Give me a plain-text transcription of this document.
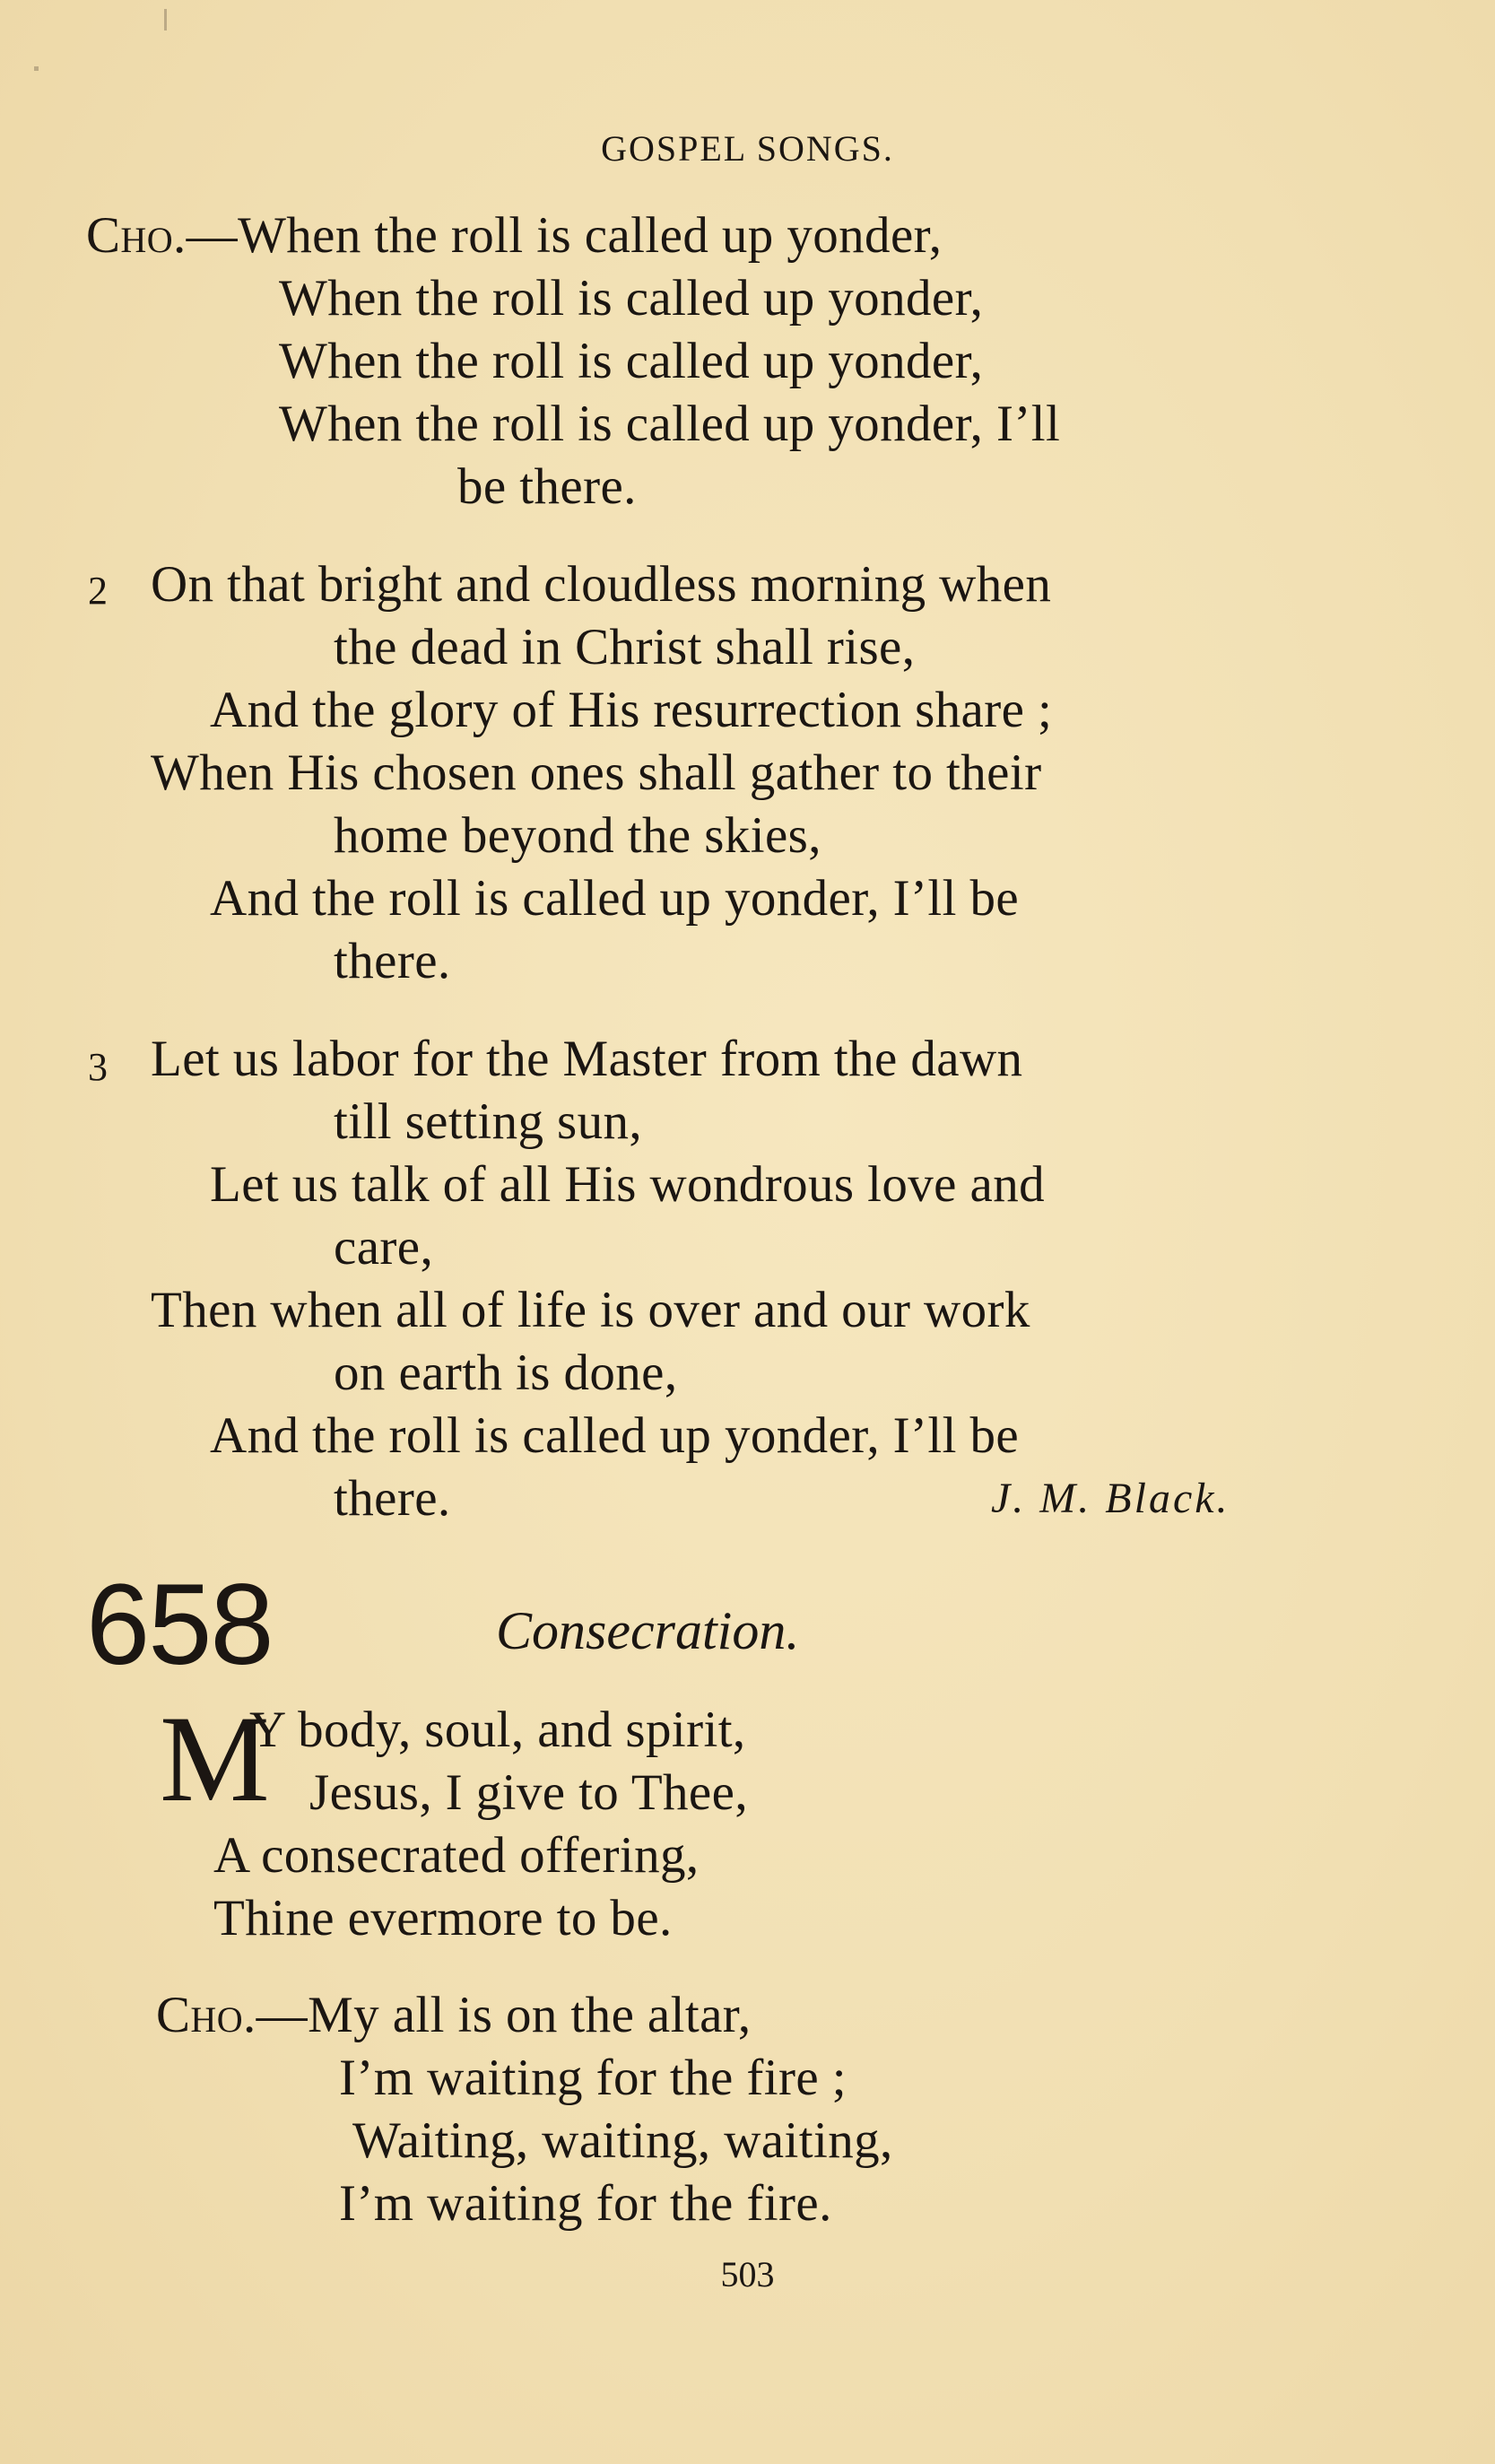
GOSPEL SONGS.
Cho.—When the roll is called up yonder,
When the roll is called up yonder,
When the roll is called up yonder,
When the roll is called up yonder, I’ll
be there.
2 On that bright and cloudless morning when
the dead in Christ shall rise,
And the glory of His resurrection share ;
When His chosen ones shall gather to their
home beyond the skies,
And the roll is called up yonder, I’ll be
there.
3 Let us labor for the Master from the dawn
till setting sun,
Let us talk of all His wondrous love and
care,
Then when all of life is over and our work
on earth is done,
And the roll is called up yonder, I’ll be
there.	J. M. Black.
658	Consecration.
M
Y body, soul, and spirit,
Jesus, I give to Thee,
A consecrated offering,
Thine evermore to be.
Cho.—My all is on the altar,
I’m waiting for the fire ;
Waiting, waiting, waiting,
I’m waiting for the fire.
503
